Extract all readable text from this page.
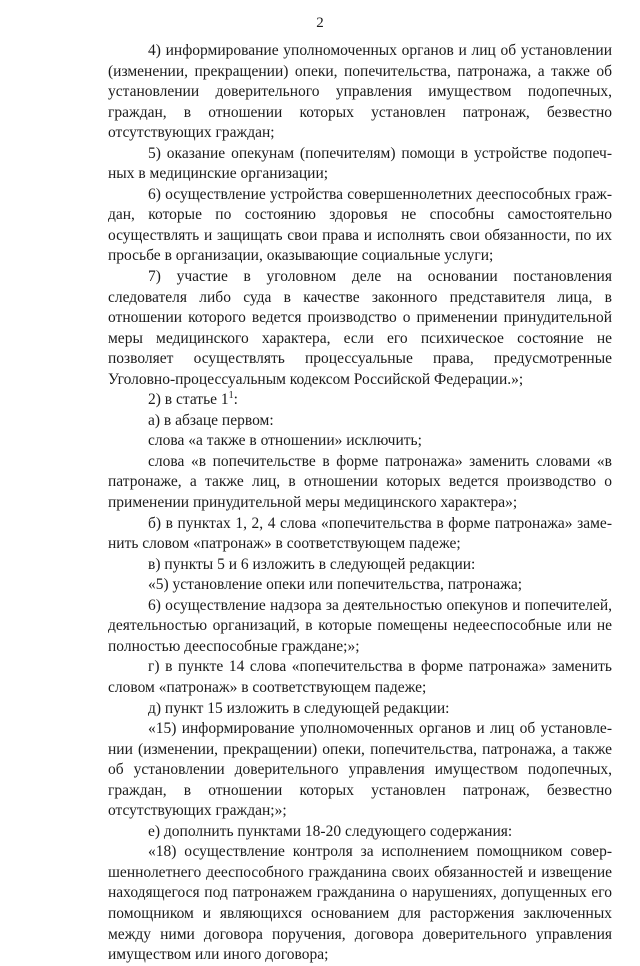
2

4) информирование уполномоченных органов и лиц об установлении (изменении, прекращении) опеки, попечительства, патронажа, а также об установлении доверительного управления имуществом подопечных, граждан, в отношении которых установлен патронаж, безвестно отсутствующих граждан;

5) оказание опекунам (попечителям) помощи в устройстве подопечных в медицинские организации;

6) осуществление устройства совершеннолетних дееспособных граждан, которые по состоянию здоровья не способны самостоятельно осуществлять и защищать свои права и исполнять свои обязанности, по их просьбе в организации, оказывающие социальные услуги;

7) участие в уголовном деле на основании постановления следователя либо суда в качестве законного представителя лица, в отношении которого ведется производство о применении принудительной меры медицинского характера, если его психическое состояние не позволяет осуществлять процессуальные права, предусмотренные Уголовно-процессуальным кодексом Российской Федерации.»;

2) в статье $1^1$:

а) в абзаце первом:

слова «а также в отношении» исключить;

слова «в попечительстве в форме патронажа» заменить словами «в патронаже, а также лиц, в отношении которых ведется производство о применении принудительной меры медицинского характера»;

б) в пунктах 1, 2, 4 слова «попечительства в форме патронажа» заменить словом «патронаж» в соответствующем падеже;

в) пункты 5 и 6 изложить в следующей редакции:

«5) установление опеки или попечительства, патронажа;

6) осуществление надзора за деятельностью опекунов и попечителей, деятельностью организаций, в которые помещены недееспособные или не полностью дееспособные граждане;»;

г) в пункте 14 слова «попечительства в форме патронажа» заменить словом «патронаж» в соответствующем падеже;

д) пункт 15 изложить в следующей редакции:

«15) информирование уполномоченных органов и лиц об установлении (изменении, прекращении) опеки, попечительства, патронажа, а также об установлении доверительного управления имуществом подопечных, граждан, в отношении которых установлен патронаж, безвестно отсутствующих граждан;»;

е) дополнить пунктами 18-20 следующего содержания:

«18) осуществление контроля за исполнением помощником совершеннолетнего дееспособного гражданина своих обязанностей и извещение находящегося под патронажем гражданина о нарушениях, допущенных его помощником и являющихся основанием для расторжения заключенных между ними договора поручения, договора доверительного управления имуществом или иного договора;
